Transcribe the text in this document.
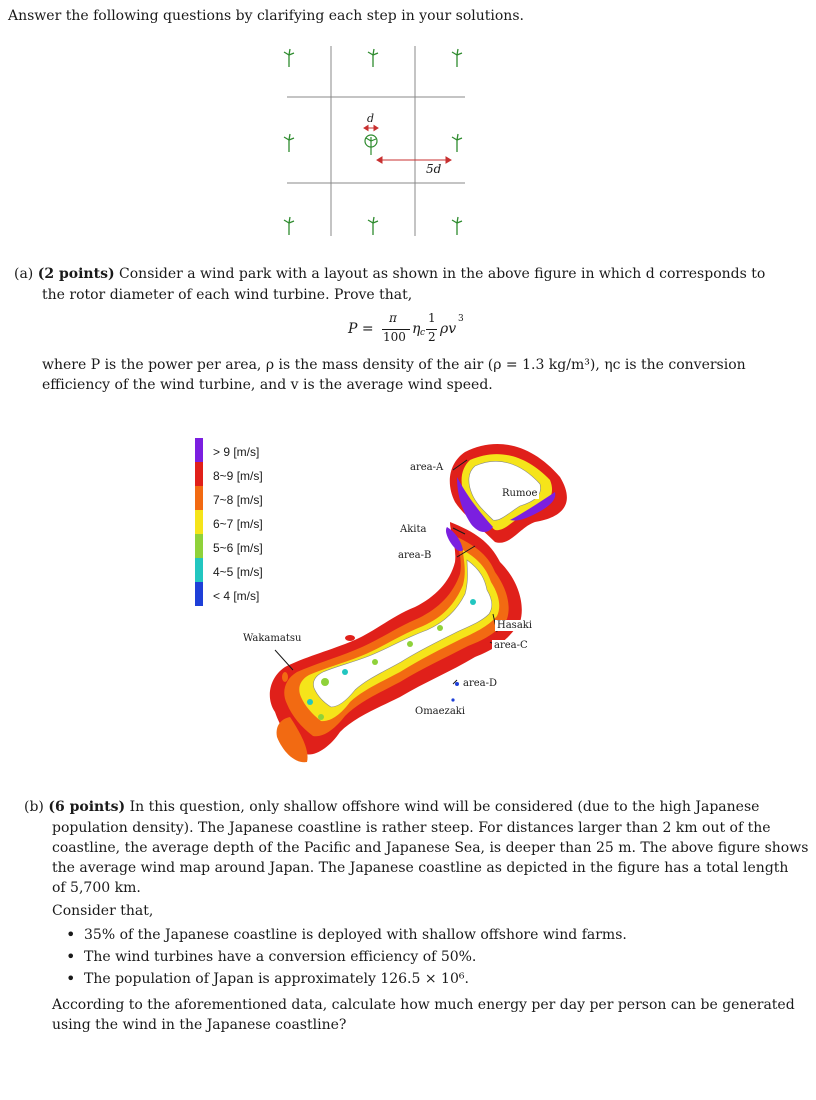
Answer the following questions by clarifying each step in your solutions.
d
5d
(a) (2 points) Consider a wind park with a layout as shown in the above figure in which d corresponds to
the rotor diameter of each wind turbine. Prove that,
P =
π
100 η c
1
2 ρv
3
where P is the power per area, ρ is the mass density of the air (ρ = 1.3 kg/m³), ηc is the conversion
efficiency of the wind turbine, and v is the average wind speed.
> 9 [m/s]
8~9 [m/s]
7~8 [m/s]
6~7 [m/s]
5~6 [m/s]
4~5 [m/s]
< 4 [m/s]
area-A
Rumoe
Akita
area-B
Hasaki
area-C
Wakamatsu
area-D
Omaezaki
(b) (6 points) In this question, only shallow offshore wind will be considered (due to the high Japanese
population density). The Japanese coastline is rather steep. For distances larger than 2 km out of the
coastline, the average depth of the Pacific and Japanese Sea, is deeper than 25 m. The above figure shows
the average wind map around Japan. The Japanese coastline as depicted in the figure has a total length
of 5,700 km.
Consider that,
• 35% of the Japanese coastline is deployed with shallow offshore wind farms.
• The wind turbines have a conversion efficiency of 50%.
• The population of Japan is approximately 126.5 × 10⁶.
According to the aforementioned data, calculate how much energy per day per person can be generated
using the wind in the Japanese coastline?
